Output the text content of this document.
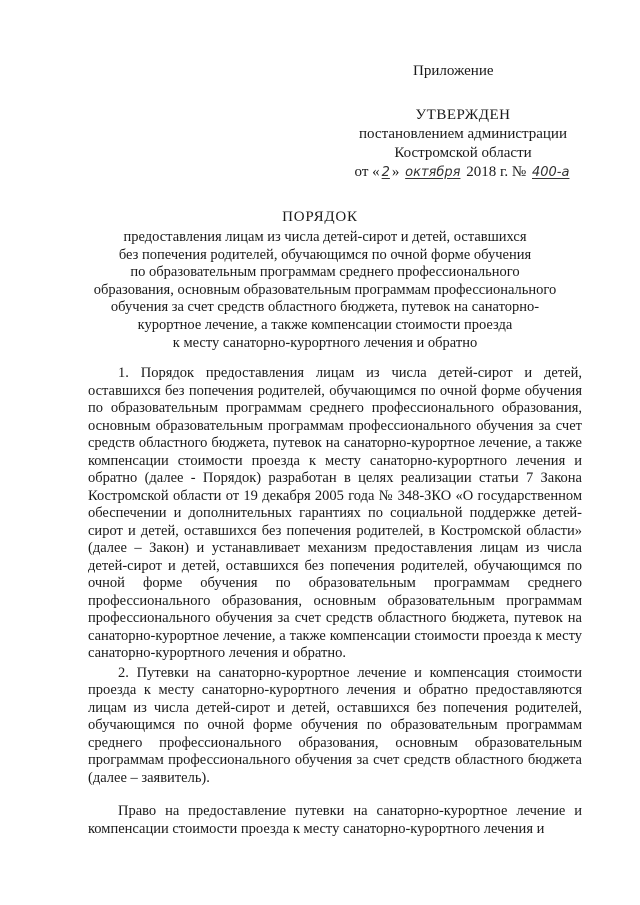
Приложение
УТВЕРЖДЕН
постановлением администрации
Костромской области
от « 2 » октября 2018 г. № 400-а
ПОРЯДОК
предоставления лицам из числа детей-сирот и детей, оставшихся
без попечения родителей, обучающимся по очной форме обучения
по образовательным программам среднего профессионального
образования, основным образовательным программам профессионального
обучения за счет средств областного бюджета, путевок на санаторно-
курортное лечение, а также компенсации стоимости проезда
к месту санаторно-курортного лечения и обратно

1. Порядок предоставления лицам из числа детей-сирот и детей, оставшихся без попечения родителей, обучающимся по очной форме обучения по образовательным программам среднего профессионального образования, основным образовательным программам профессионального обучения за счет средств областного бюджета, путевок на санаторно-курортное лечение, а также компенсации стоимости проезда к месту санаторно-курортного лечения и обратно (далее - Порядок) разработан в целях реализации статьи 7 Закона Костромской области от 19 декабря 2005 года № 348-ЗКО «О государственном обеспечении и дополнительных гарантиях по социальной поддержке детей-сирот и детей, оставшихся без попечения родителей, в Костромской области» (далее – Закон) и устанавливает механизм предоставления лицам из числа детей-сирот и детей, оставшихся без попечения родителей, обучающимся по очной форме обучения по образовательным программам среднего профессионального образования, основным образовательным программам профессионального обучения за счет средств областного бюджета, путевок на санаторно-курортное лечение, а также компенсации стоимости проезда к месту санаторно-курортного лечения и обратно.

2. Путевки на санаторно-курортное лечение и компенсация стоимости проезда к месту санаторно-курортного лечения и обратно предоставляются лицам из числа детей-сирот и детей, оставшихся без попечения родителей, обучающимся по очной форме обучения по образовательным программам среднего профессионального образования, основным образовательным программам профессионального обучения за счет средств областного бюджета (далее – заявитель).

Право на предоставление путевки на санаторно-курортное лечение и компенсации стоимости проезда к месту санаторно-курортного лечения и
